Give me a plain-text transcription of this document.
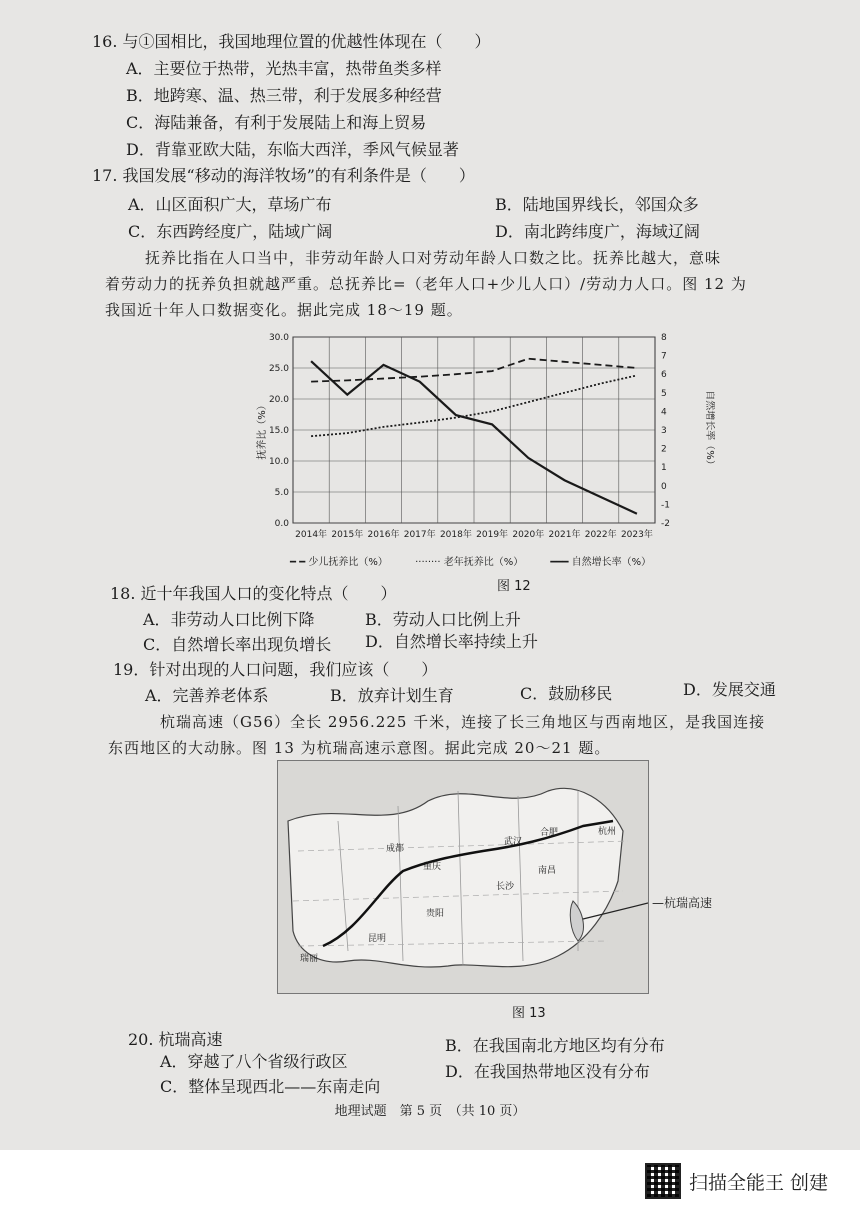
16. 与①国相比，我国地理位置的优越性体现在（　　）
A．主要位于热带，光热丰富，热带鱼类多样
B．地跨寒、温、热三带，利于发展多种经营
C．海陆兼备，有利于发展陆上和海上贸易
D．背靠亚欧大陆，东临大西洋，季风气候显著
17. 我国发展“移动的海洋牧场”的有利条件是（　　）
A．山区面积广大，草场广布	B．陆地国界线长，邻国众多
C．东西跨经度广，陆域广阔	D．南北跨纬度广，海域辽阔
抚养比指在人口当中，非劳动年龄人口对劳动年龄人口数之比。抚养比越大，意味
着劳动力的抚养负担就越严重。总抚养比=（老年人口+少儿人口）/劳动力人口。图 12 为
我国近十年人口数据变化。据此完成 18～19 题。
0.0
5.0
10.0
15.0
20.0
25.0
30.0
-2
-1
0
1
2
3
4
5
6
7
8
2014年 2015年 2016年 2017年 2018年 2019年 2020年 2021年 2022年 2023年
抚养比（%）	自然增长率（%）
━ ━ 少儿抚养比（%）	········ 老年抚养比（%）	━━━ 自然增长率（%）
图 12
18. 近十年我国人口的变化特点（　　）
A．非劳动人口比例下降	B．劳动人口比例上升
C．自然增长率出现负增长 D．自然增长率持续上升
19．针对出现的人口问题，我们应该（　　）
A．完善养老体系	B．放弃计划生育	C．鼓励移民	D．发展交通
杭瑞高速（G56）全长 2956.225 千米，连接了长三角地区与西南地区，是我国连接
东西地区的大动脉。图 13 为杭瑞高速示意图。据此完成 20～21 题。
成都
重庆
贵阳
昆明
瑞丽
长沙
武汉
南昌
合肥	杭州
—杭瑞高速
图 13
20. 杭瑞高速
A．穿越了八个省级行政区
B．在我国南北方地区均有分布
C．整体呈现西北——东南走向
D．在我国热带地区没有分布
地理试题　第 5 页　（共 10 页）
扫描全能王 创建
